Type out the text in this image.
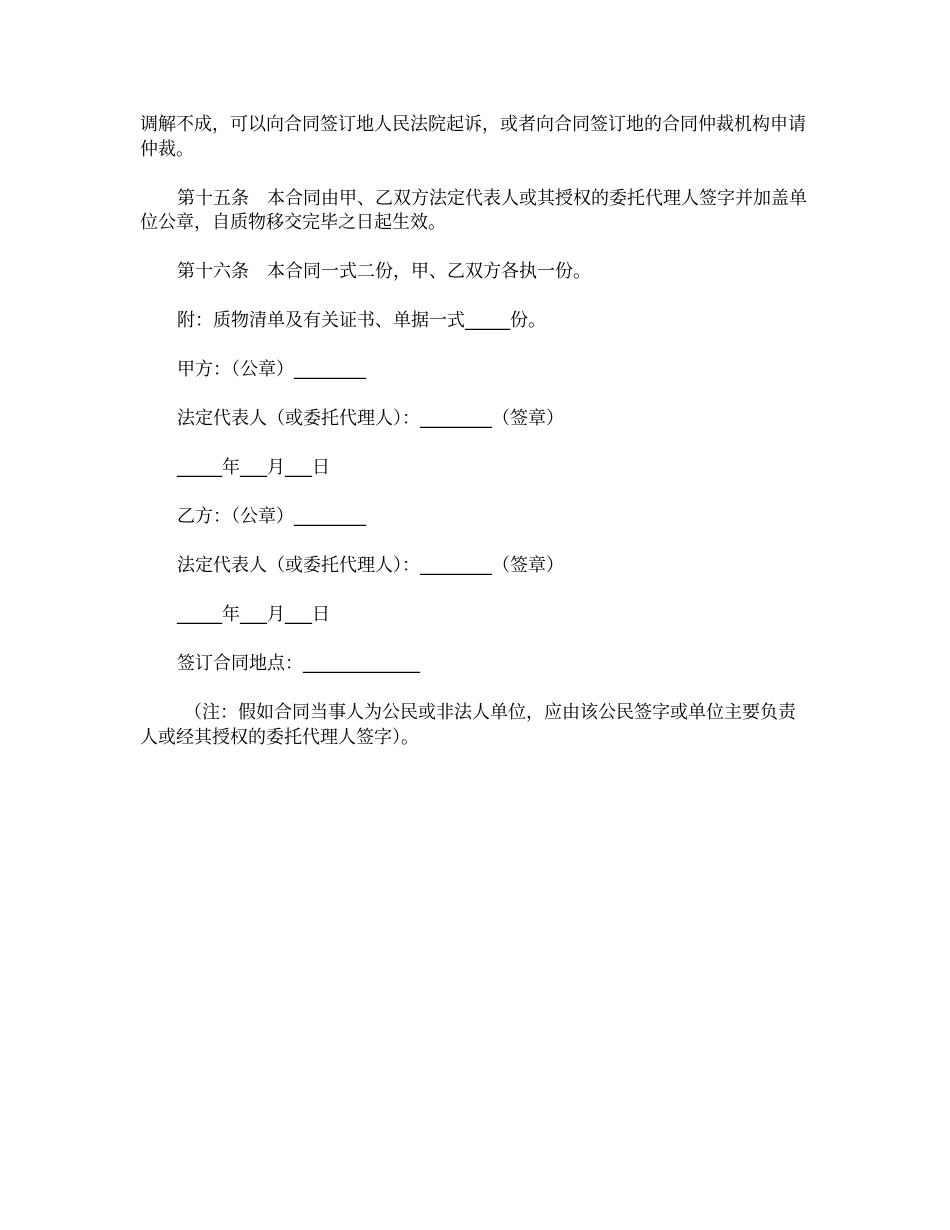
调解不成，可以向合同签订地人民法院起诉，或者向合同签订地的合同仲裁机构申请仲裁。

第十五条　本合同由甲、乙双方法定代表人或其授权的委托代理人签字并加盖单位公章，自质物移交完毕之日起生效。

第十六条　本合同一式二份，甲、乙双方各执一份。

附：质物清单及有关证书、单据一式_____份。

甲方：（公章）________

法定代表人（或委托代理人）：________（签章）

_____年___月___日

乙方：（公章）________

法定代表人（或委托代理人）：________（签章）

_____年___月___日

签订合同地点：_____________

（注：假如合同当事人为公民或非法人单位，应由该公民签字或单位主要负责人或经其授权的委托代理人签字）。
